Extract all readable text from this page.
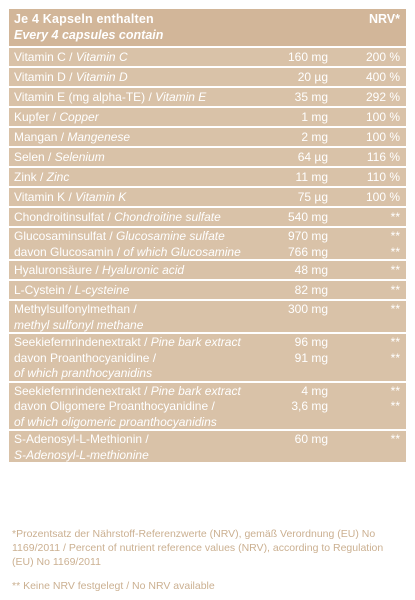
Je 4 Kapseln enthalten
Every 4 capsules contain
NRV*
Vitamin C / Vitamin C	160 mg	200 %
Vitamin D / Vitamin D	20 µg	400 %
Vitamin E (mg alpha-TE) / Vitamin E	35 mg	292 %
Kupfer / Copper	1 mg	100 %
Mangan / Mangenese	2 mg	100 %
Selen / Selenium	64 µg	116 %
Zink / Zinc	11 mg	110 %
Vitamin K / Vitamin K	75 µg	100 %
Chondroitinsulfat / Chondroitine sulfate	540 mg	**
Glucosaminsulfat / Glucosamine sulfate	970 mg	**
davon Glucosamin / of which Glucosamine	766 mg	**
Hyaluronsäure / Hyaluronic acid	48 mg	**
L-Cystein / L-cysteine	82 mg	**
Methylsulfonylmethan /	300 mg	**
methyl sulfonyl methane
Seekiefernrindenextrakt / Pine bark extract	96 mg	**
davon Proanthocyanidine /	91 mg	**
of which pranthocyanidins
Seekiefernrindenextrakt / Pine bark extract	4 mg	**
davon Oligomere Proanthocyanidine /	3,6 mg	**
of which oligomeric proanthocyanidins
S-Adenosyl-L-Methionin /	60 mg	**
S-Adenosyl-L-methionine
*Prozentsatz der Nährstoff-Referenzwerte (NRV), gemäß Verordnung (EU) No 1169/2011 / Percent of nutrient reference values (NRV), according to Regulation (EU) No 1169/2011
** Keine NRV festgelegt / No NRV available
